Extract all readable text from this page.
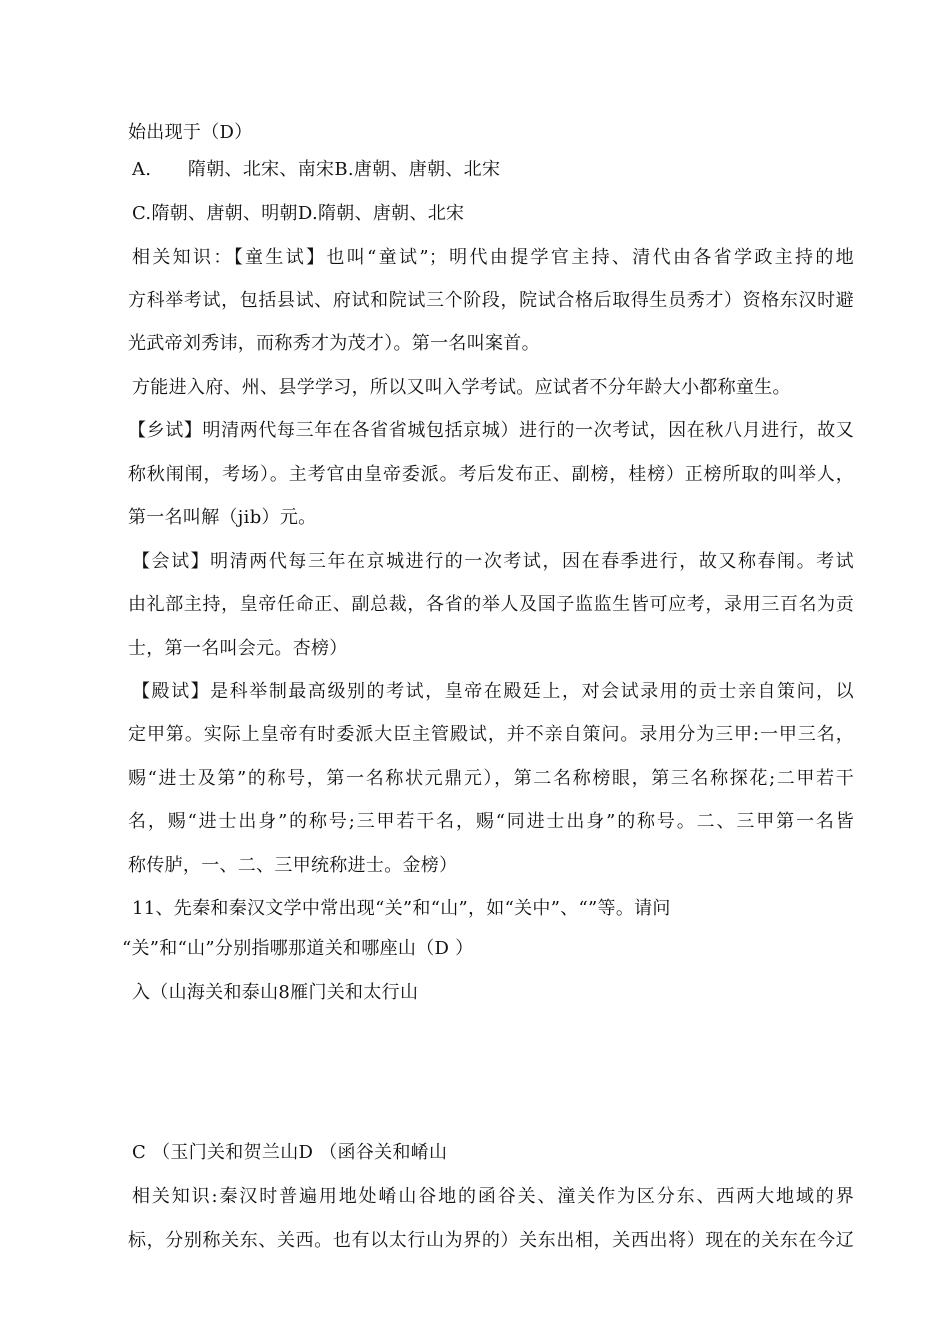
始出现于（D）
A.　　隋朝、北宋、南宋B.唐朝、唐朝、北宋
C.隋朝、唐朝、明朝D.隋朝、唐朝、北宋
相关知识：【童生试】也叫“童试”；明代由提学官主持、清代由各省学政主持的地
方科举考试，包括县试、府试和院试三个阶段，院试合格后取得生员秀才）资格东汉时避
光武帝刘秀讳，而称秀才为茂才）。第一名叫案首。
方能进入府、州、县学学习，所以又叫入学考试。应试者不分年龄大小都称童生。
【乡试】明清两代每三年在各省省城包括京城）进行的一次考试，因在秋八月进行，故又
称秋闱闱，考场）。主考官由皇帝委派。考后发布正、副榜，桂榜）正榜所取的叫举人，
第一名叫解（jib）元。
【会试】明清两代每三年在京城进行的一次考试，因在春季进行，故又称春闱。考试
由礼部主持，皇帝任命正、副总裁，各省的举人及国子监监生皆可应考，录用三百名为贡
士，第一名叫会元。杏榜）
【殿试】是科举制最高级别的考试，皇帝在殿廷上，对会试录用的贡士亲自策问，以
定甲第。实际上皇帝有时委派大臣主管殿试，并不亲自策问。录用分为三甲:一甲三名，
赐“进士及第”的称号，第一名称状元鼎元），第二名称榜眼，第三名称探花;二甲若干
名，赐“进士出身”的称号;三甲若干名，赐“同进士出身”的称号。二、三甲第一名皆
称传胪，一、二、三甲统称进士。金榜）
11、先秦和秦汉文学中常出现“关”和“山”，如“关中”、“”等。请问
“关”和“山”分别指哪那道关和哪座山（D ）
入（山海关和泰山8雁门关和太行山
C （玉门关和贺兰山D （函谷关和崤山
相关知识:秦汉时普遍用地处崤山谷地的函谷关、潼关作为区分东、西两大地域的界
标，分别称关东、关西。也有以太行山为界的）关东出相，关西出将）现在的关东在今辽
